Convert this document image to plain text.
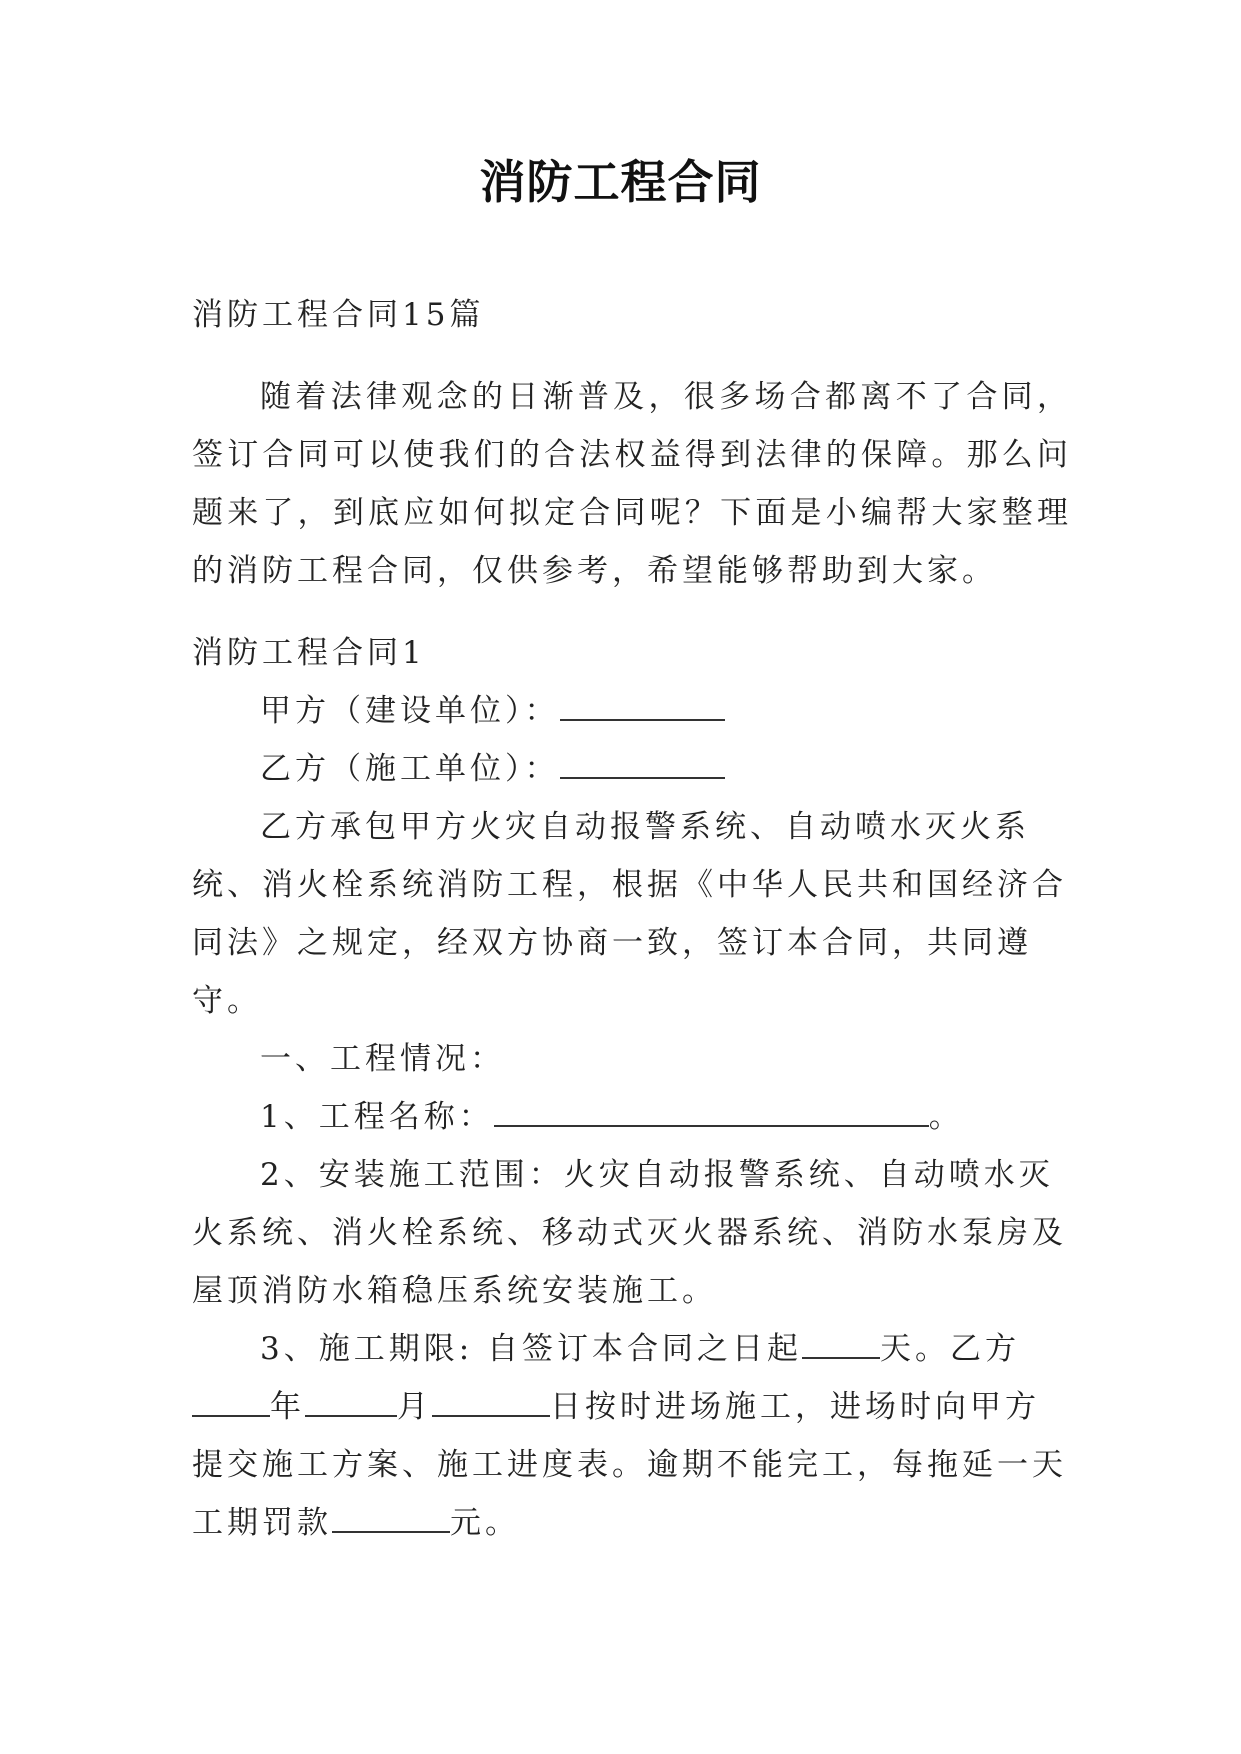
消防工程合同

消防工程合同15篇

随着法律观念的日渐普及，很多场合都离不了合同，签订合同可以使我们的合法权益得到法律的保障。那么问题来了，到底应如何拟定合同呢？下面是小编帮大家整理的消防工程合同，仅供参考，希望能够帮助到大家。

消防工程合同1

甲方（建设单位）：

乙方（施工单位）：

乙方承包甲方火灾自动报警系统、自动喷水灭火系统、消火栓系统消防工程，根据《中华人民共和国经济合同法》之规定，经双方协商一致，签订本合同，共同遵守。

一、工程情况：

1、工程名称：	。

2、安装施工范围：火灾自动报警系统、自动喷水灭火系统、消火栓系统、移动式灭火器系统、消防水泵房及屋顶消防水箱稳压系统安装施工。

3、施工期限: 自签订本合同之日起	天。乙方年	月	日按时进场施工，进场时向甲方提交施工方案、施工进度表。逾期不能完工，每拖延一天工期罚款	元。
